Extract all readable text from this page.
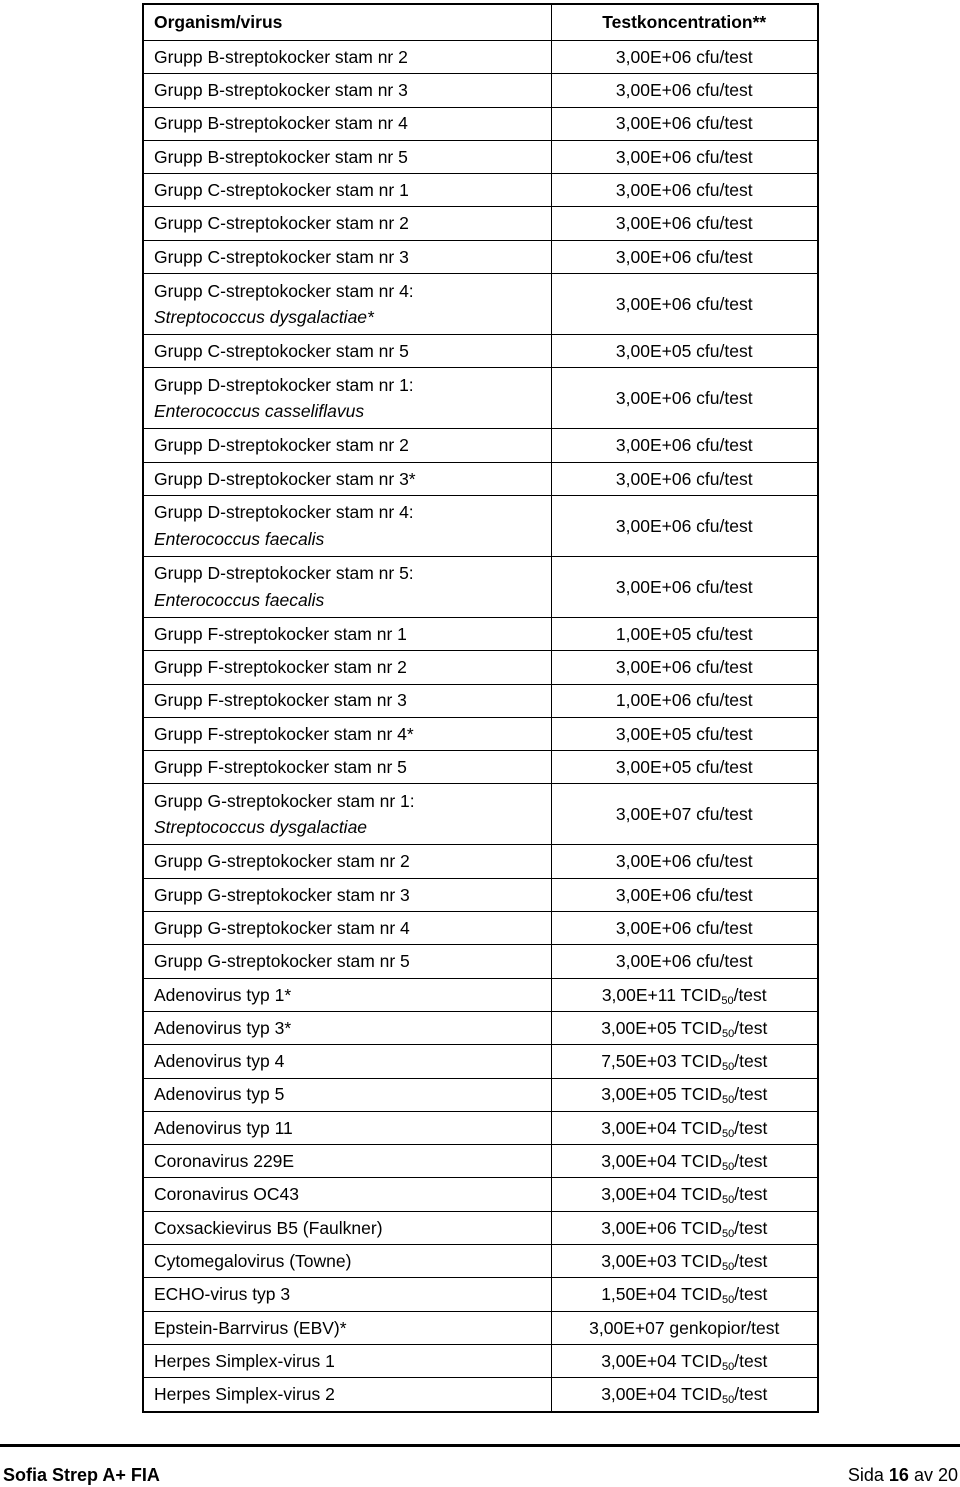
Organism/virus	Testkoncentration**
Grupp B-streptokocker stam nr 2	3,00E+06 cfu/test
Grupp B-streptokocker stam nr 3	3,00E+06 cfu/test
Grupp B-streptokocker stam nr 4	3,00E+06 cfu/test
Grupp B-streptokocker stam nr 5	3,00E+06 cfu/test
Grupp C-streptokocker stam nr 1	3,00E+06 cfu/test
Grupp C-streptokocker stam nr 2	3,00E+06 cfu/test
Grupp C-streptokocker stam nr 3	3,00E+06 cfu/test

Grupp C-streptokocker stam nr 4:
Streptococcus dysgalactiae*	3,00E+06 cfu/test
Grupp C-streptokocker stam nr 5	3,00E+05 cfu/test

Grupp D-streptokocker stam nr 1:
Enterococcus casseliflavus	3,00E+06 cfu/test
Grupp D-streptokocker stam nr 2	3,00E+06 cfu/test
Grupp D-streptokocker stam nr 3*	3,00E+06 cfu/test

Grupp D-streptokocker stam nr 4:
Enterococcus faecalis	3,00E+06 cfu/test

Grupp D-streptokocker stam nr 5:
Enterococcus faecalis	3,00E+06 cfu/test
Grupp F-streptokocker stam nr 1	1,00E+05 cfu/test
Grupp F-streptokocker stam nr 2	3,00E+06 cfu/test
Grupp F-streptokocker stam nr 3	1,00E+06 cfu/test
Grupp F-streptokocker stam nr 4*	3,00E+05 cfu/test
Grupp F-streptokocker stam nr 5	3,00E+05 cfu/test

Grupp G-streptokocker stam nr 1:
Streptococcus dysgalactiae	3,00E+07 cfu/test
Grupp G-streptokocker stam nr 2	3,00E+06 cfu/test
Grupp G-streptokocker stam nr 3	3,00E+06 cfu/test
Grupp G-streptokocker stam nr 4	3,00E+06 cfu/test
Grupp G-streptokocker stam nr 5	3,00E+06 cfu/test
Adenovirus typ 1*	3,00E+11 $TCID_{50}$/test
Adenovirus typ 3*	3,00E+05 $TCID_{50}$/test
Adenovirus typ 4	7,50E+03 $TCID_{50}$/test
Adenovirus typ 5	3,00E+05 $TCID_{50}$/test
Adenovirus typ 11	3,00E+04 $TCID_{50}$/test
Coronavirus 229E	3,00E+04 $TCID_{50}$/test
Coronavirus OC43	3,00E+04 $TCID_{50}$/test
Coxsackievirus B5 (Faulkner)	3,00E+06 $TCID_{50}$/test
Cytomegalovirus (Towne)	3,00E+03 $TCID_{50}$/test
ECHO-virus typ 3	1,50E+04 $TCID_{50}$/test
Epstein-Barrvirus (EBV)*	3,00E+07 genkopior/test
Herpes Simplex-virus 1	3,00E+04 $TCID_{50}$/test
Herpes Simplex-virus 2	3,00E+04 $TCID_{50}$/test
Sofia Strep A+ FIA	Sida 16 av 20
